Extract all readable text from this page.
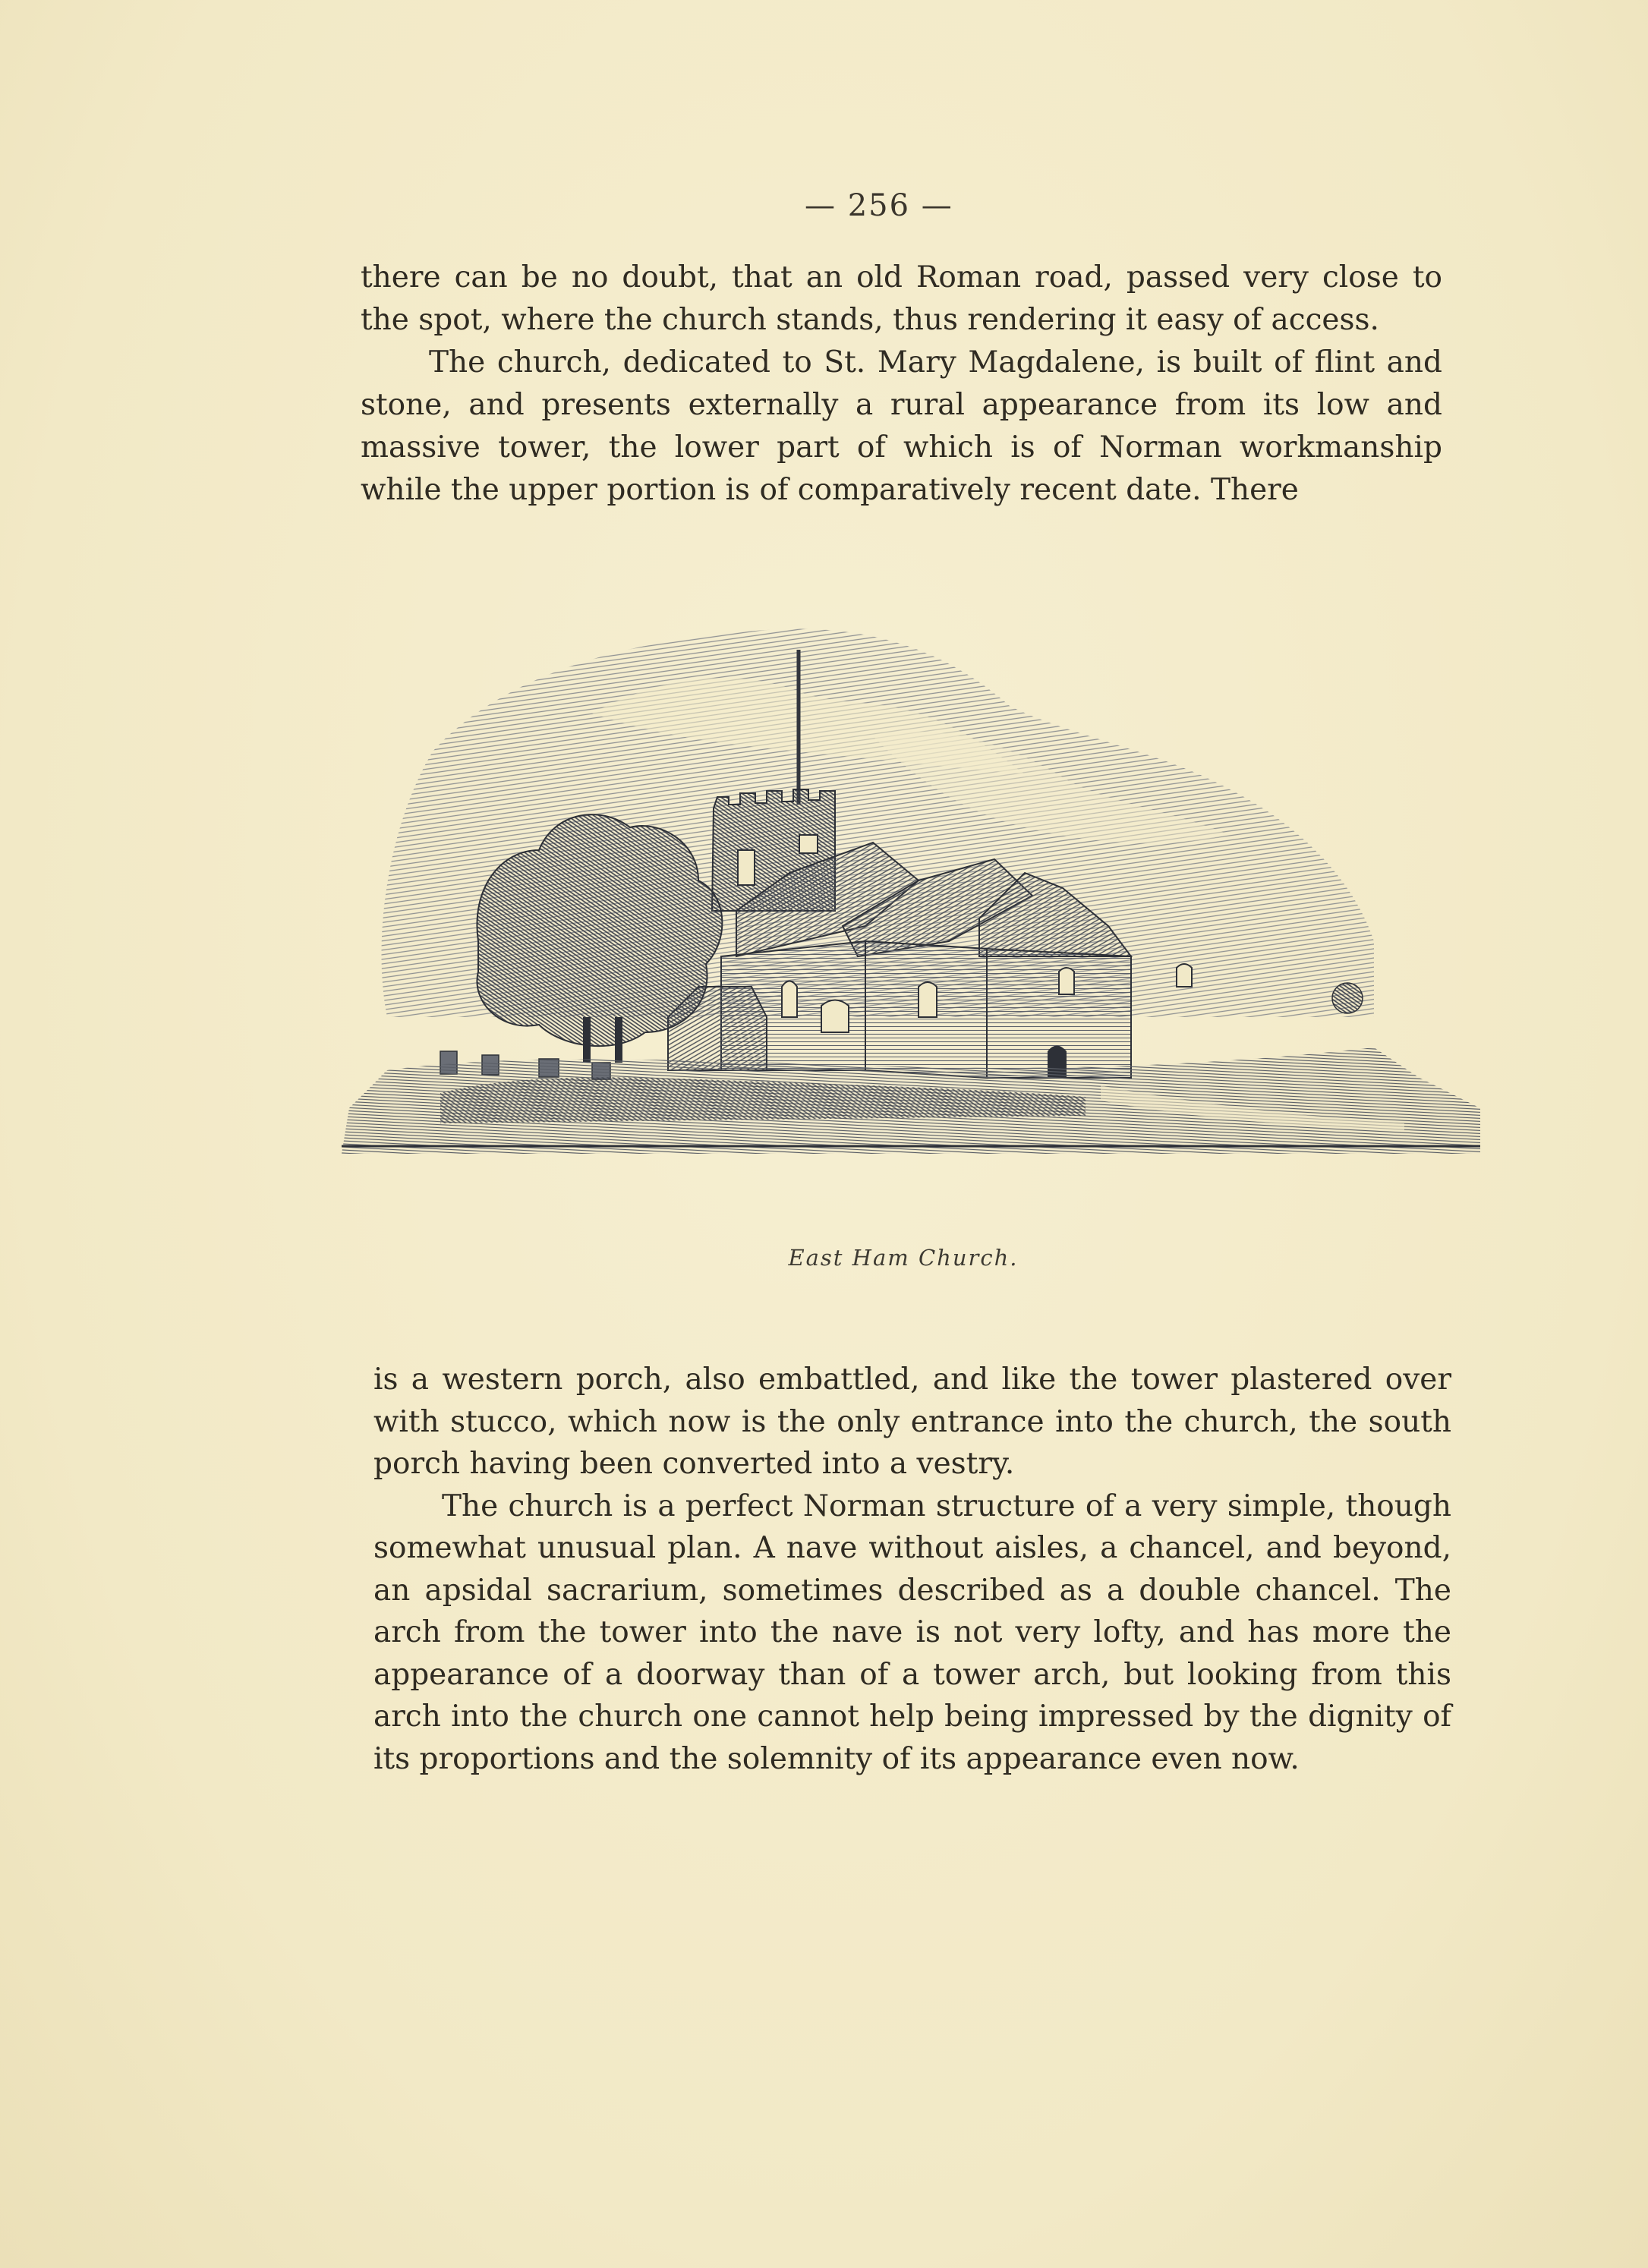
— 256 —

there can be no doubt, that an old Roman road, passed very close to the spot, where the church stands, thus rendering it easy of access.

The church, dedicated to St. Mary Magdalene, is built of flint and stone, and presents externally a rural appearance from its low and massive tower, the lower part of which is of Norman workmanship while the upper portion is of comparatively recent date. There

East Ham Church.

is a western porch, also embattled, and like the tower plastered over with stucco, which now is the only entrance into the church, the south porch having been converted into a vestry.

The church is a perfect Norman structure of a very simple, though somewhat unusual plan. A nave without aisles, a chancel, and beyond, an apsidal sacrarium, sometimes described as a double chancel. The arch from the tower into the nave is not very lofty, and has more the appearance of a doorway than of a tower arch, but looking from this arch into the church one cannot help being impressed by the dignity of its proportions and the solemnity of its appearance even now.
